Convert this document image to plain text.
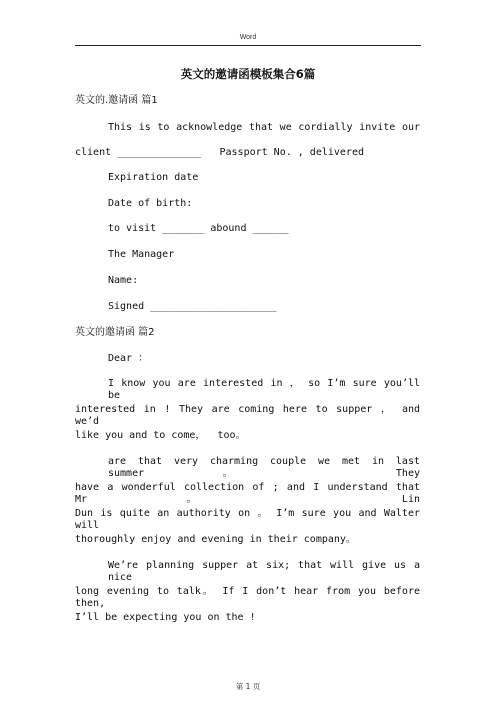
Word
英文的邀请函模板集合6篇
英文的.邀请函 篇1
This is to acknowledge that we cordially invite our
client ______________   Passport No. , delivered
Expiration date
Date of birth:
to visit _______ abound ______
The Manager
Name:
Signed _____________________
英文的邀请函 篇2
Dear ：
I know you are interested in ， so I’m sure you’ll be
interested in ! They are coming here to supper ， and we’d
like you and to come，  too。
are that very charming couple we met in last summer。 They
have a wonderful collection of ; and I understand that Mr。 Lin
Dun is quite an authority on 。 I’m sure you and Walter will
thoroughly enjoy and evening in their company。
We’re planning supper at six; that will give us a nice
long evening to talk。 If I don’t hear from you before then,
I’ll be expecting you on the !
第 1 页
